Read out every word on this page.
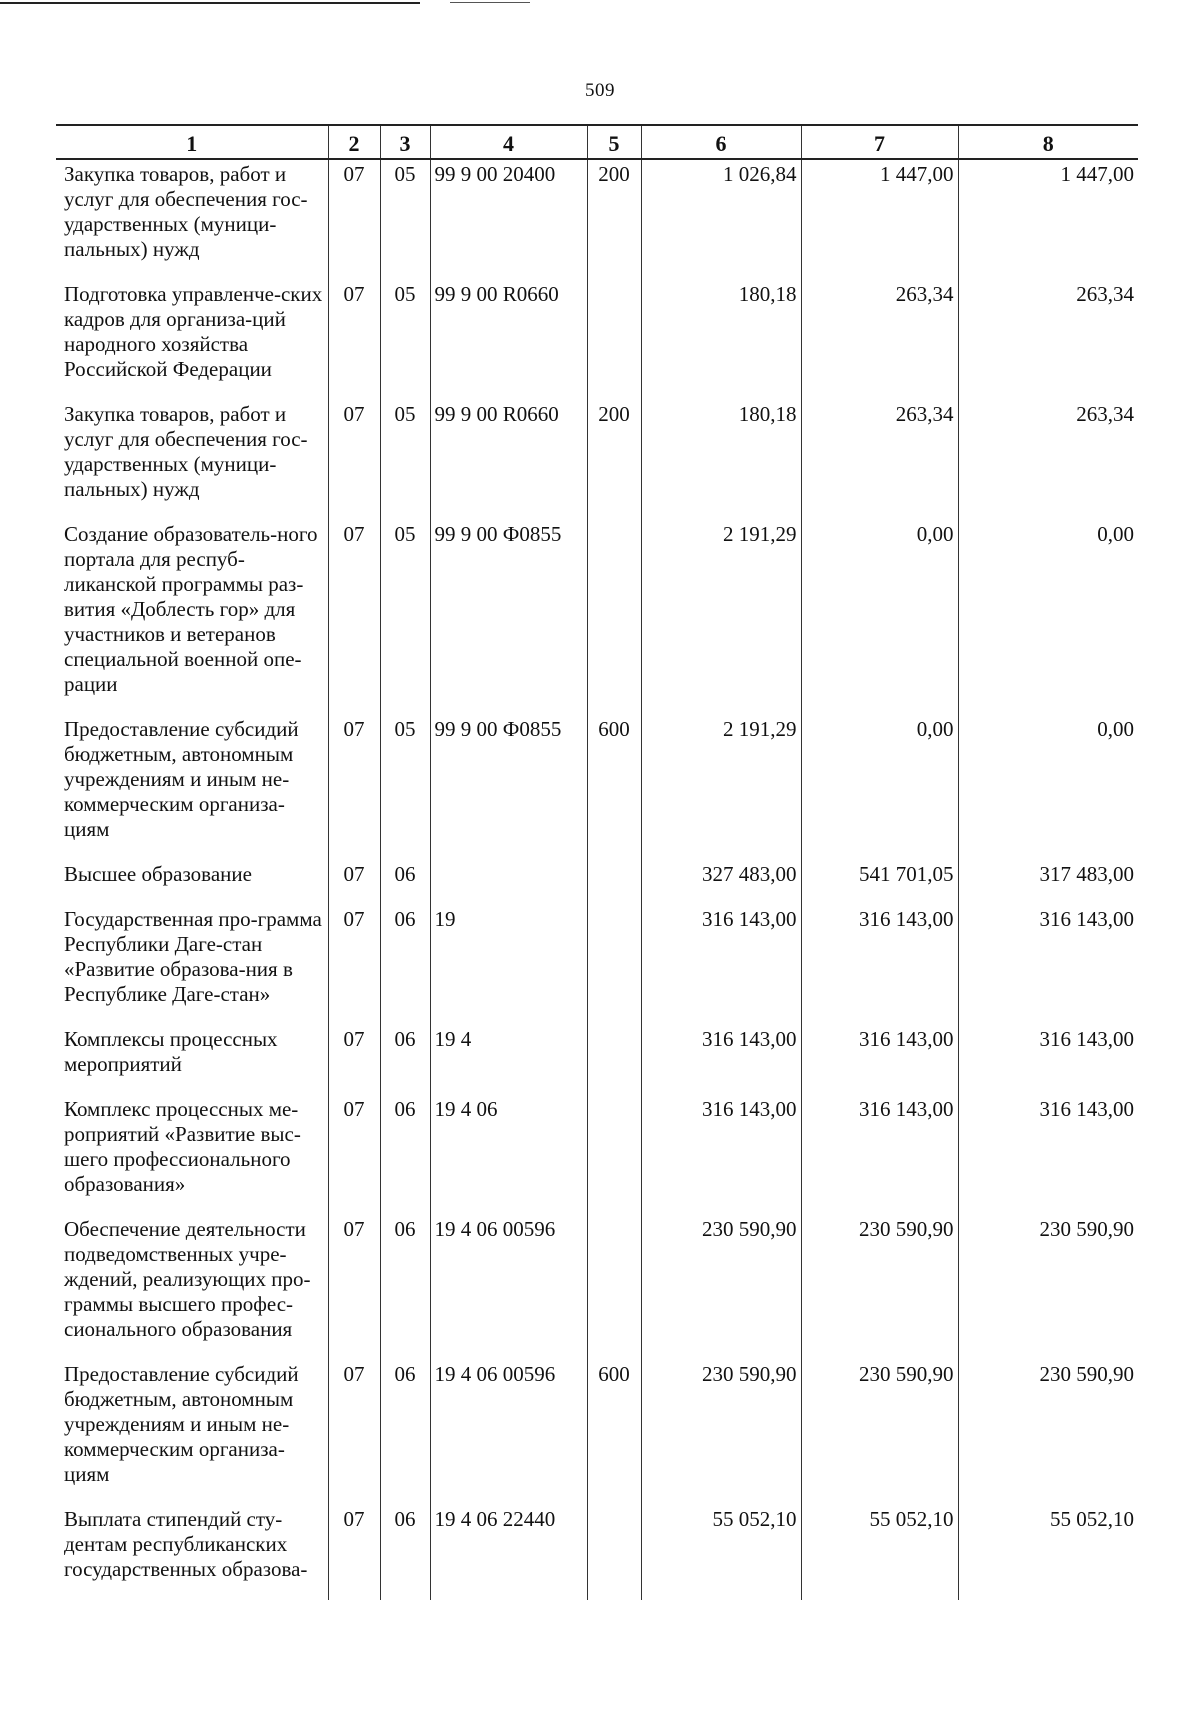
509
1	2	3	4	5	6	7	8
Закупка товаров, работ и услуг для обеспечения гос-ударственных (муници-пальных) нужд	07	05	99 9 00 20400	200	1 026,84	1 447,00	1 447,00
Подготовка управленче-ских кадров для организа-ций народного хозяйства Российской Федерации	07	05	99 9 00 R0660		180,18	263,34	263,34
Закупка товаров, работ и услуг для обеспечения гос-ударственных (муници-пальных) нужд	07	05	99 9 00 R0660	200	180,18	263,34	263,34
Создание образователь-ного портала для респуб-ликанской программы раз-вития «Доблесть гор» для участников и ветеранов специальной военной опе-рации	07	05	99 9 00 Ф0855		2 191,29	0,00	0,00
Предоставление субсидий бюджетным, автономным учреждениям и иным не-коммерческим организа-циям	07	05	99 9 00 Ф0855	600	2 191,29	0,00	0,00
Высшее образование	07	06			327 483,00	541 701,05	317 483,00
Государственная про-грамма Республики Даге-стан «Развитие образова-ния в Республике Даге-стан»	07	06	19		316 143,00	316 143,00	316 143,00
Комплексы процессных мероприятий	07	06	19 4		316 143,00	316 143,00	316 143,00
Комплекс процессных ме-роприятий «Развитие выс-шего профессионального образования»	07	06	19 4 06		316 143,00	316 143,00	316 143,00
Обеспечение деятельности подведомственных учре-ждений, реализующих про-граммы высшего профес-сионального образования	07	06	19 4 06 00596		230 590,90	230 590,90	230 590,90
Предоставление субсидий бюджетным, автономным учреждениям и иным не-коммерческим организа-циям	07	06	19 4 06 00596	600	230 590,90	230 590,90	230 590,90
Выплата стипендий сту-дентам республиканских государственных образова-	07	06	19 4 06 22440		55 052,10	55 052,10	55 052,10
